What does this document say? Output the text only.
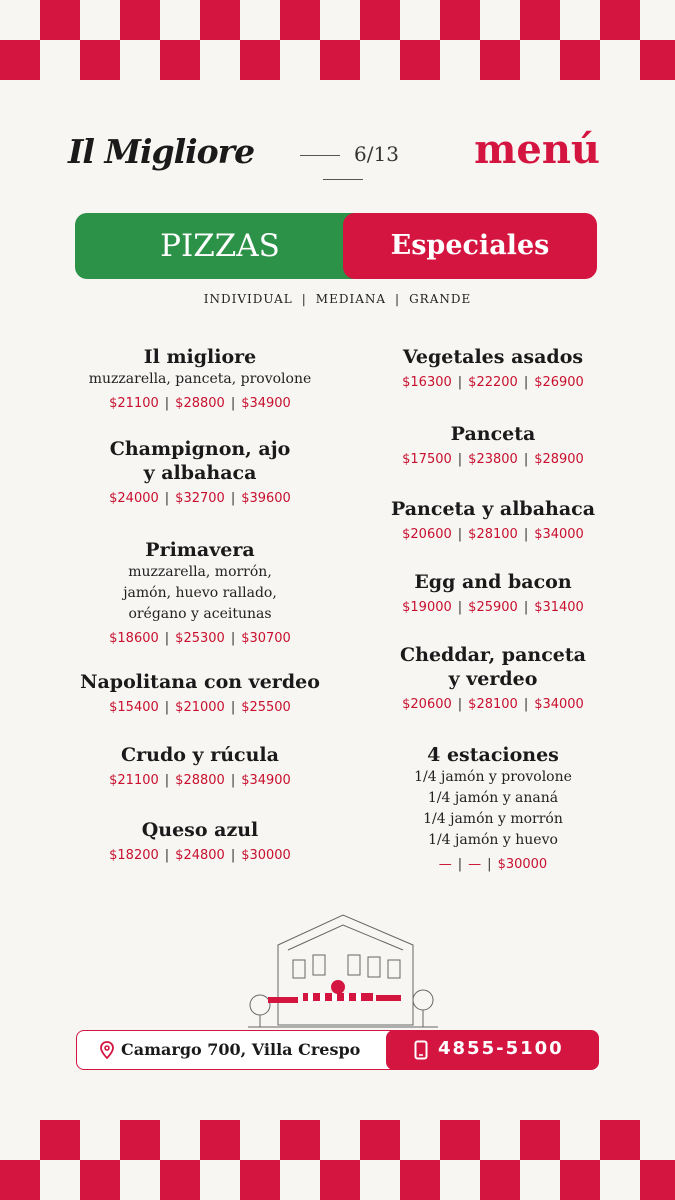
Il Migliore	6/13	menú
PIZZAS	Especiales
INDIVIDUAL | MEDIANA | GRANDE
Il migliore
muzzarella, panceta, provolone
$21100 | $28800 | $34900
Champignon, ajo
y albahaca
$24000 | $32700 | $39600
Primavera
muzzarella, morrón,
jamón, huevo rallado,
orégano y aceitunas
$18600 | $25300 | $30700
Napolitana con verdeo
$15400 | $21000 | $25500
Crudo y rúcula
$21100 | $28800 | $34900
Queso azul
$18200 | $24800 | $30000
Vegetales asados
$16300 | $22200 | $26900
Panceta
$17500 | $23800 | $28900
Panceta y albahaca
$20600 | $28100 | $34000
Egg and bacon
$19000 | $25900 | $31400
Cheddar, panceta
y verdeo
$20600 | $28100 | $34000
4 estaciones
1/4 jamón y provolone
1/4 jamón y ananá
1/4 jamón y morrón
1/4 jamón y huevo
— | — | $30000
Camargo 700, Villa Crespo	4855-5100
